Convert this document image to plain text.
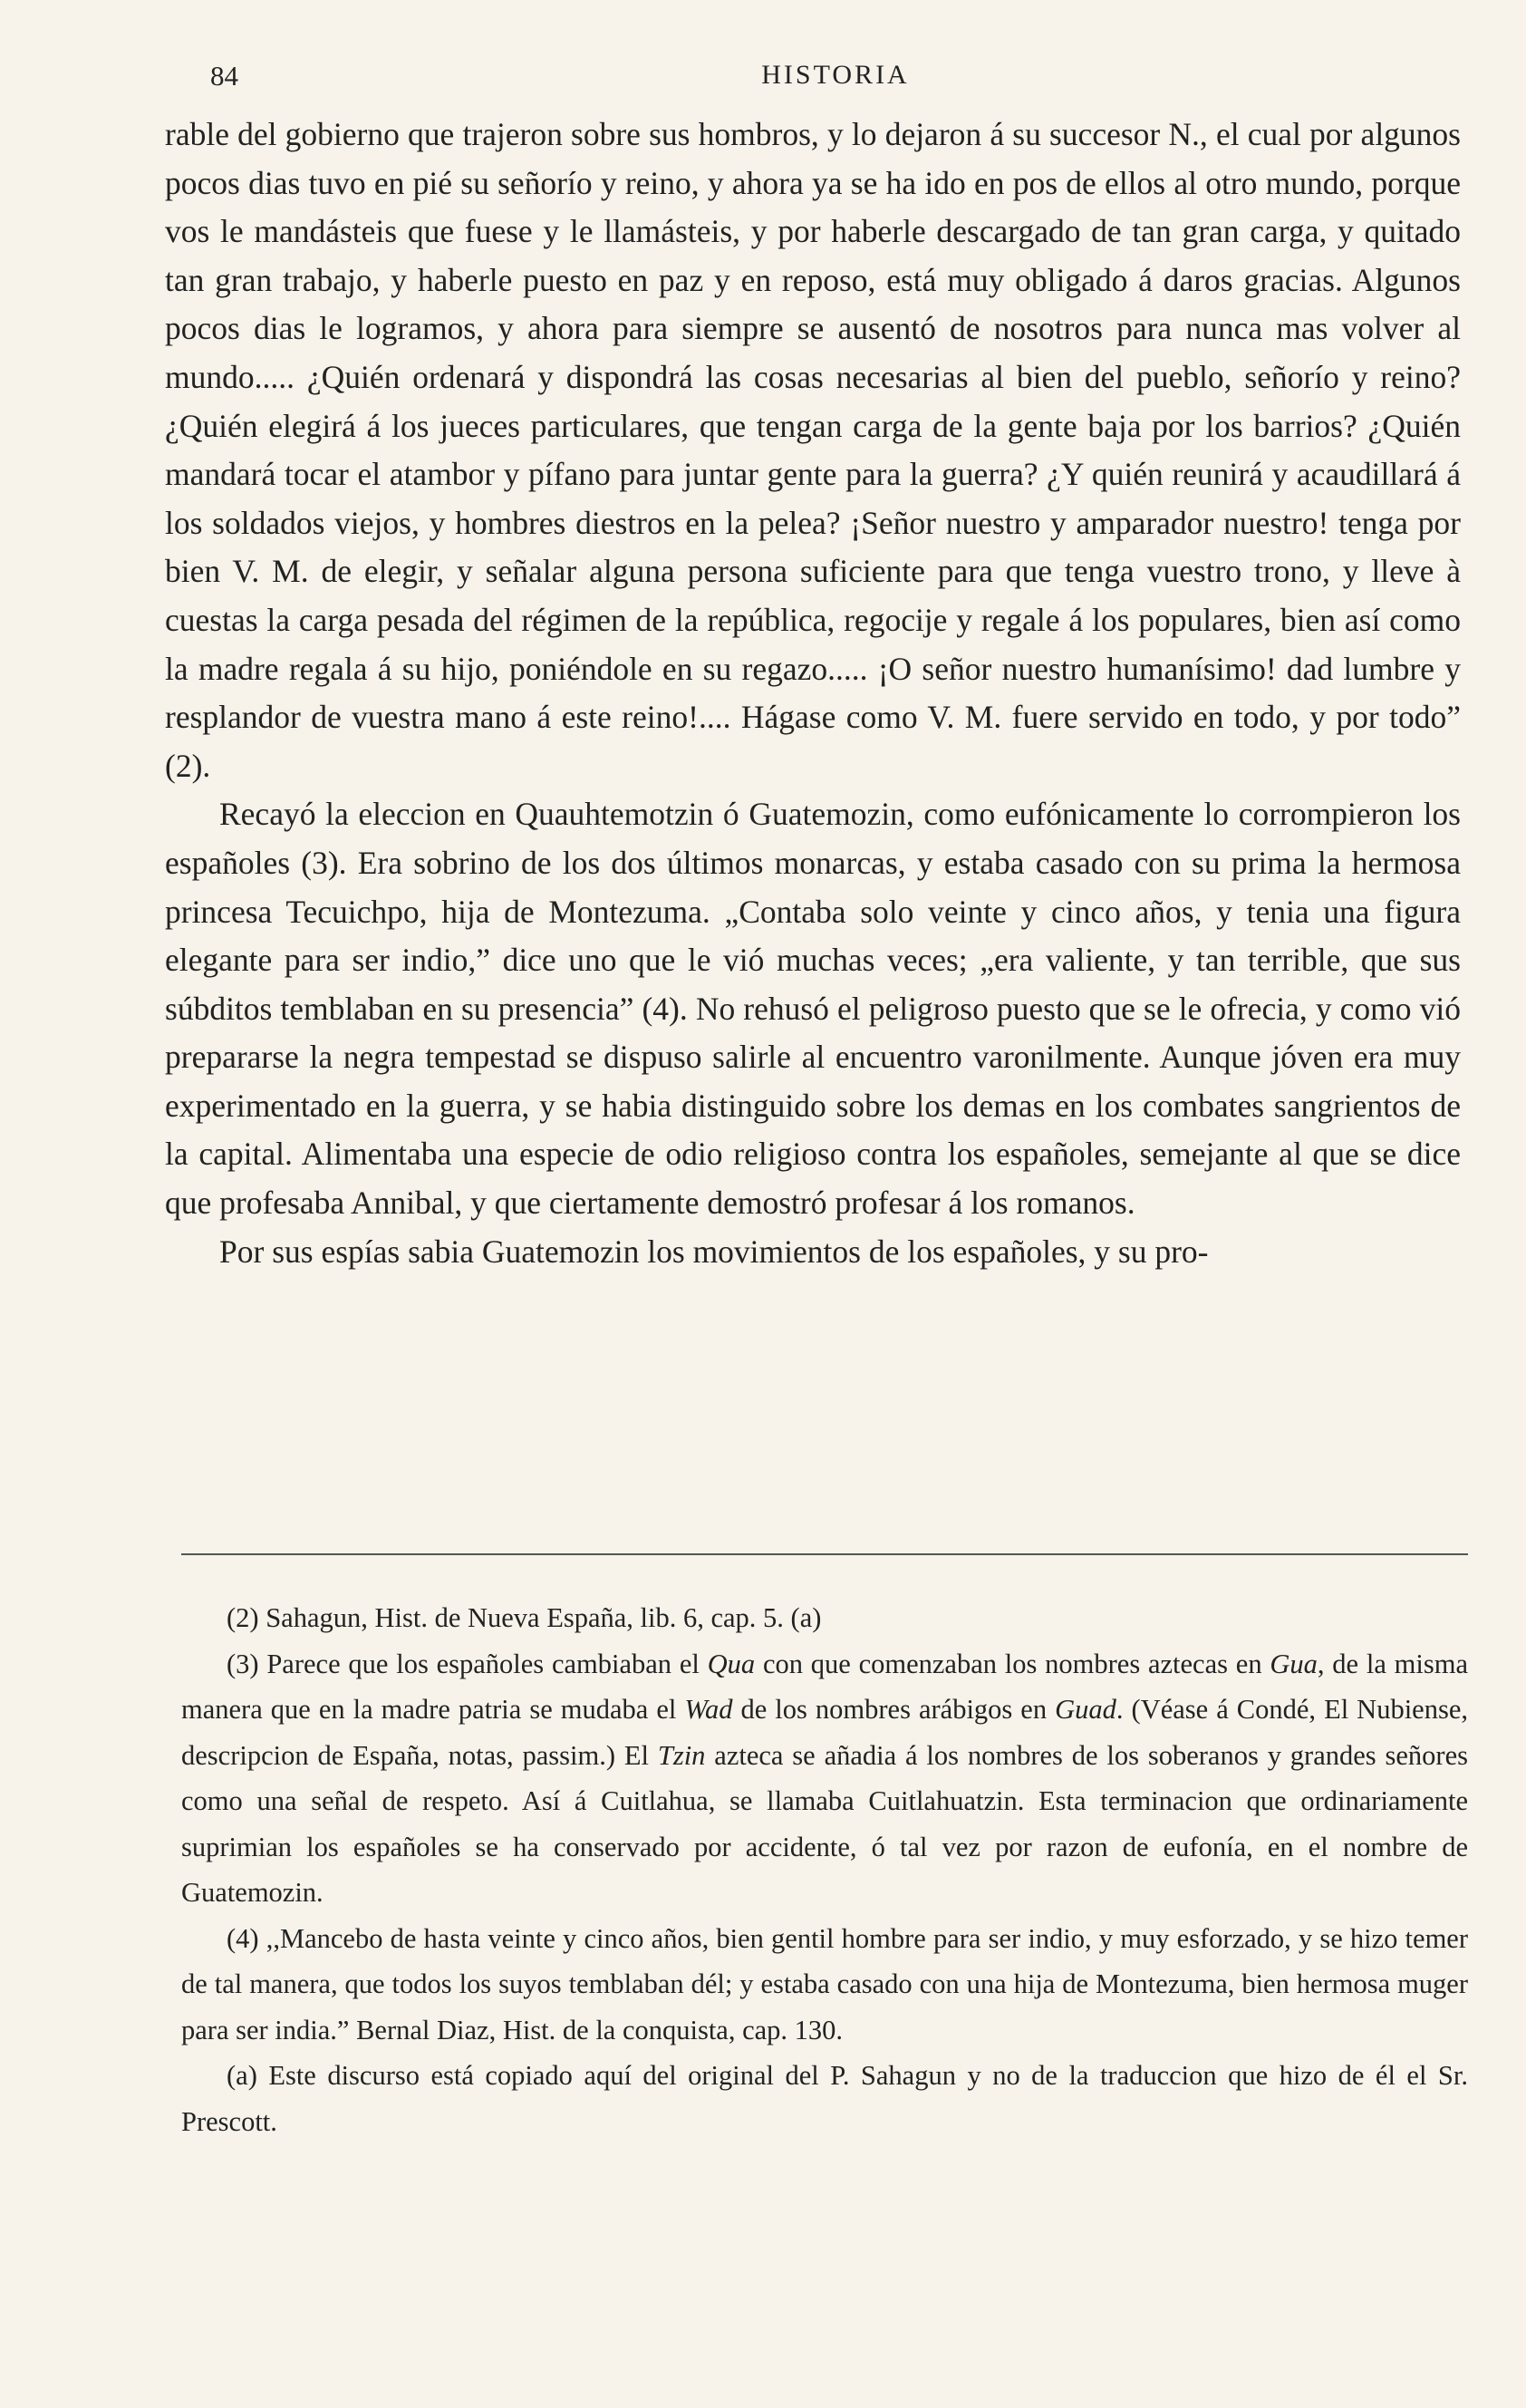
84	HISTORIA

rable del gobierno que trajeron sobre sus hombros, y lo dejaron á su succesor N., el cual por algunos pocos dias tuvo en pié su señorío y reino, y ahora ya se ha ido en pos de ellos al otro mundo, porque vos le mandásteis que fuese y le llamásteis, y por haberle descargado de tan gran carga, y quitado tan gran trabajo, y haberle puesto en paz y en reposo, está muy obligado á daros gracias. Algunos pocos dias le logramos, y ahora para siempre se ausentó de nosotros para nunca mas volver al mundo..... ¿Quién ordenará y dispondrá las cosas necesarias al bien del pueblo, señorío y reino? ¿Quién elegirá á los jueces particulares, que tengan carga de la gente baja por los barrios? ¿Quién mandará tocar el atambor y pífano para juntar gente para la guerra? ¿Y quién reunirá y acaudillará á los soldados viejos, y hombres diestros en la pelea? ¡Señor nuestro y amparador nuestro! tenga por bien V. M. de elegir, y señalar alguna persona suficiente para que tenga vuestro trono, y lleve à cuestas la carga pesada del régimen de la república, regocije y regale á los populares, bien así como la madre regala á su hijo, poniéndole en su regazo..... ¡O señor nuestro humanísimo! dad lumbre y resplandor de vuestra mano á este reino!.... Hágase como V. M. fuere servido en todo, y por todo” (2).

Recayó la eleccion en Quauhtemotzin ó Guatemozin, como eufónicamente lo corrompieron los españoles (3). Era sobrino de los dos últimos monarcas, y estaba casado con su prima la hermosa princesa Tecuichpo, hija de Montezuma. „Contaba solo veinte y cinco años, y tenia una figura elegante para ser indio,” dice uno que le vió muchas veces; „era valiente, y tan terrible, que sus súbditos temblaban en su presencia” (4). No rehusó el peligroso puesto que se le ofrecia, y como vió prepararse la negra tempestad se dispuso salirle al encuentro varonilmente. Aunque jóven era muy experimentado en la guerra, y se habia distinguido sobre los demas en los combates sangrientos de la capital. Alimentaba una especie de odio religioso contra los españoles, semejante al que se dice que profesaba Annibal, y que ciertamente demostró profesar á los romanos.

Por sus espías sabia Guatemozin los movimientos de los españoles, y su pro-

(2) Sahagun, Hist. de Nueva España, lib. 6, cap. 5. (a)

(3) Parece que los españoles cambiaban el Qua con que comenzaban los nombres aztecas en Gua, de la misma manera que en la madre patria se mudaba el Wad de los nombres arábigos en Guad. (Véase á Condé, El Nubiense, descripcion de España, notas, passim.) El Tzin azteca se añadia á los nombres de los soberanos y grandes señores como una señal de respeto. Así á Cuitlahua, se llamaba Cuitlahuatzin. Esta terminacion que ordinariamente suprimian los españoles se ha conservado por accidente, ó tal vez por razon de eufonía, en el nombre de Guatemozin.

(4) ,,Mancebo de hasta veinte y cinco años, bien gentil hombre para ser indio, y muy esforzado, y se hizo temer de tal manera, que todos los suyos temblaban dél; y estaba casado con una hija de Montezuma, bien hermosa muger para ser india.” Bernal Diaz, Hist. de la conquista, cap. 130.

(a) Este discurso está copiado aquí del original del P. Sahagun y no de la traduccion que hizo de él el Sr. Prescott.
